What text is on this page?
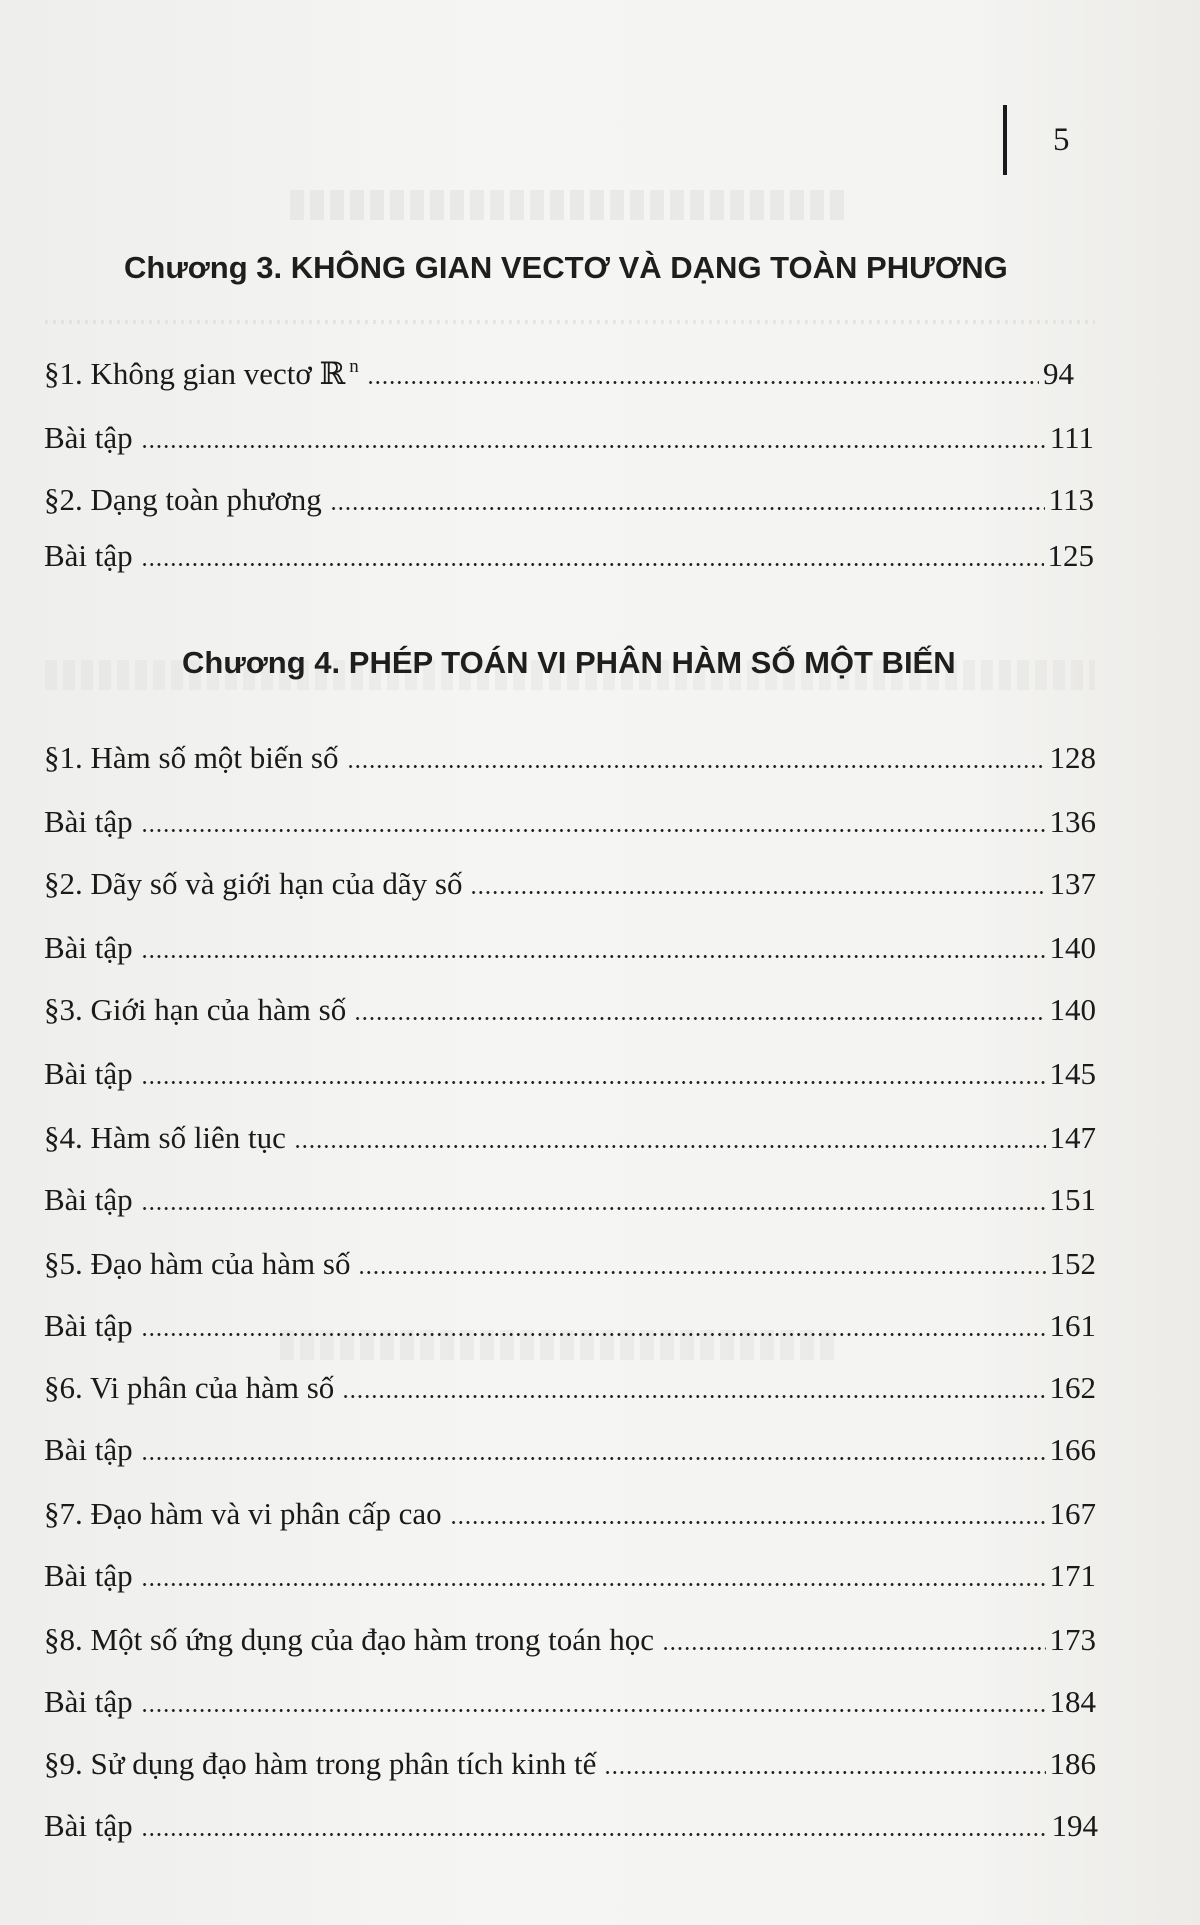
5
Chương 3. KHÔNG GIAN VECTƠ VÀ DẠNG TOÀN PHƯƠNG
§1. Không gian vectơ ℝ $^n$	94
Bài tập	111
§2. Dạng toàn phương	113
Bài tập	125
Chương 4. PHÉP TOÁN VI PHÂN HÀM SỐ MỘT BIẾN
§1. Hàm số một biến số	128
Bài tập	136
§2. Dãy số và giới hạn của dãy số	137
Bài tập	140
§3. Giới hạn của hàm số	140
Bài tập	145
§4. Hàm số liên tục	147
Bài tập	151
§5. Đạo hàm của hàm số	152
Bài tập	161
§6. Vi phân của hàm số	162
Bài tập	166
§7. Đạo hàm và vi phân cấp cao	167
Bài tập	171
§8. Một số ứng dụng của đạo hàm trong toán học	173
Bài tập	184
§9. Sử dụng đạo hàm trong phân tích kinh tế	186
Bài tập	194
